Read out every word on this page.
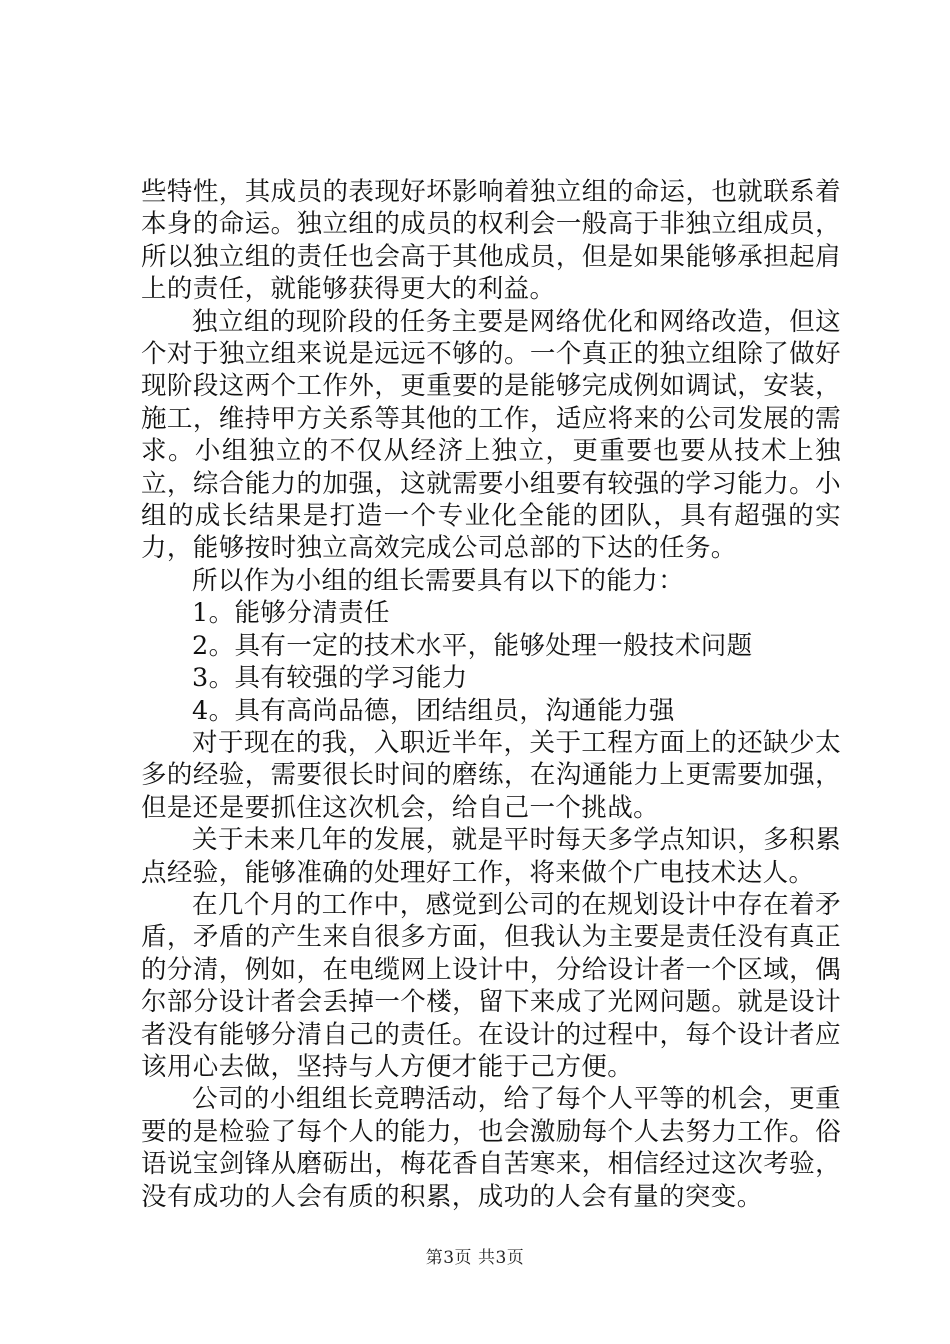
些特性，其成员的表现好坏影响着独立组的命运，也就联系着本身的命运。独立组的成员的权利会一般高于非独立组成员，所以独立组的责任也会高于其他成员，但是如果能够承担起肩上的责任，就能够获得更大的利益。

独立组的现阶段的任务主要是网络优化和网络改造，但这个对于独立组来说是远远不够的。一个真正的独立组除了做好现阶段这两个工作外，更重要的是能够完成例如调试，安装，施工，维持甲方关系等其他的工作，适应将来的公司发展的需求。小组独立的不仅从经济上独立，更重要也要从技术上独立，综合能力的加强，这就需要小组要有较强的学习能力。小组的成长结果是打造一个专业化全能的团队，具有超强的实力，能够按时独立高效完成公司总部的下达的任务。

所以作为小组的组长需要具有以下的能力：

1。能够分清责任

2。具有一定的技术水平，能够处理一般技术问题

3。具有较强的学习能力

4。具有高尚品德，团结组员，沟通能力强

对于现在的我，入职近半年，关于工程方面上的还缺少太多的经验，需要很长时间的磨练，在沟通能力上更需要加强，但是还是要抓住这次机会，给自己一个挑战。

关于未来几年的发展，就是平时每天多学点知识，多积累点经验，能够准确的处理好工作，将来做个广电技术达人。

在几个月的工作中，感觉到公司的在规划设计中存在着矛盾，矛盾的产生来自很多方面，但我认为主要是责任没有真正的分清，例如，在电缆网上设计中，分给设计者一个区域，偶尔部分设计者会丢掉一个楼，留下来成了光网问题。就是设计者没有能够分清自己的责任。在设计的过程中，每个设计者应该用心去做，坚持与人方便才能于己方便。

公司的小组组长竞聘活动，给了每个人平等的机会，更重要的是检验了每个人的能力，也会激励每个人去努力工作。俗语说宝剑锋从磨砺出，梅花香自苦寒来，相信经过这次考验，没有成功的人会有质的积累，成功的人会有量的突变。

第3页 共3页
